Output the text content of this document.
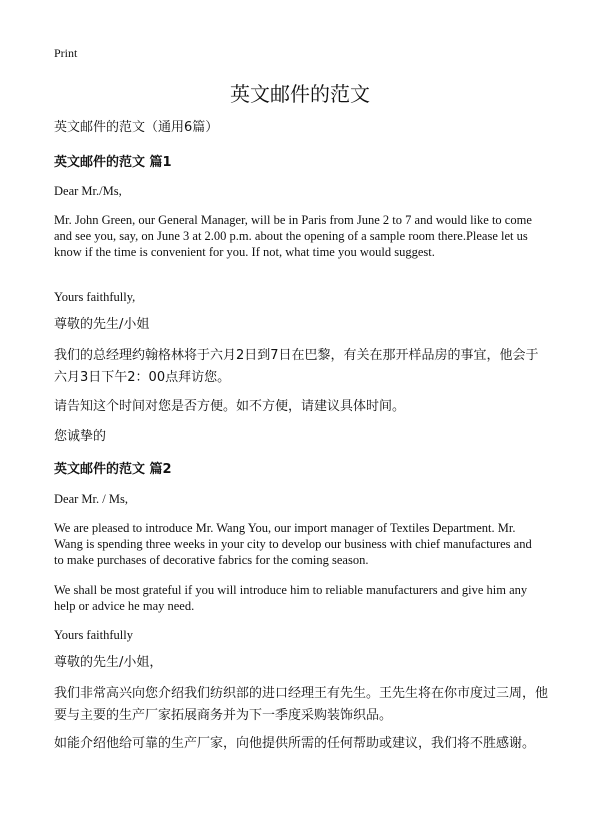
Print
英文邮件的范文
英文邮件的范文（通用6篇）
英文邮件的范文 篇1
Dear Mr./Ms,
Mr. John Green, our General Manager, will be in Paris from June 2 to 7 and would like to come and see you, say, on June 3 at 2.00 p.m. about the opening of a sample room there.Please let us know if the time is convenient for you. If not, what time you would suggest.
Yours faithfully,
尊敬的先生/小姐
我们的总经理约翰格林将于六月2日到7日在巴黎，有关在那开样品房的事宜，他会于 六月3日下午2：00点拜访您。
请告知这个时间对您是否方便。如不方便，请建议具体时间。
您诚挚的
英文邮件的范文 篇2
Dear Mr. / Ms,
We are pleased to introduce Mr. Wang You, our import manager of Textiles Department. Mr. Wang is spending three weeks in your city to develop our business with chief manufactures and to make purchases of decorative fabrics for the coming season.
We shall be most grateful if you will introduce him to reliable manufacturers and give him any help or advice he may need.
Yours faithfully
尊敬的先生/小姐，
我们非常高兴向您介绍我们纺织部的进口经理王有先生。王先生将在你市度过三周，他要与主要的生产厂家拓展商务并为下一季度采购装饰织品。
如能介绍他给可靠的生产厂家，向他提供所需的任何帮助或建议，我们将不胜感谢。
